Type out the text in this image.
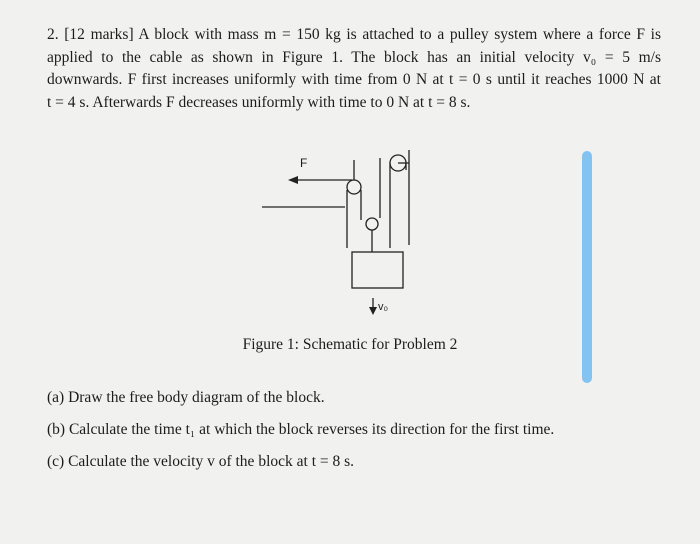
2. [12 marks] A block with mass m = 150 kg is attached to a pulley system where a force F is
applied to the cable as shown in Figure 1. The block has an initial velocity v₀ = 5 m/s
downwards. F first increases uniformly with time from 0 N at t = 0 s until it reaches 1000 N at
t = 4 s. Afterwards F decreases uniformly with time to 0 N at t = 8 s.
F
v₀
Figure 1: Schematic for Problem 2
(a) Draw the free body diagram of the block.
(b) Calculate the time t₁ at which the block reverses its direction for the first time.
(c) Calculate the velocity v of the block at t = 8 s.
